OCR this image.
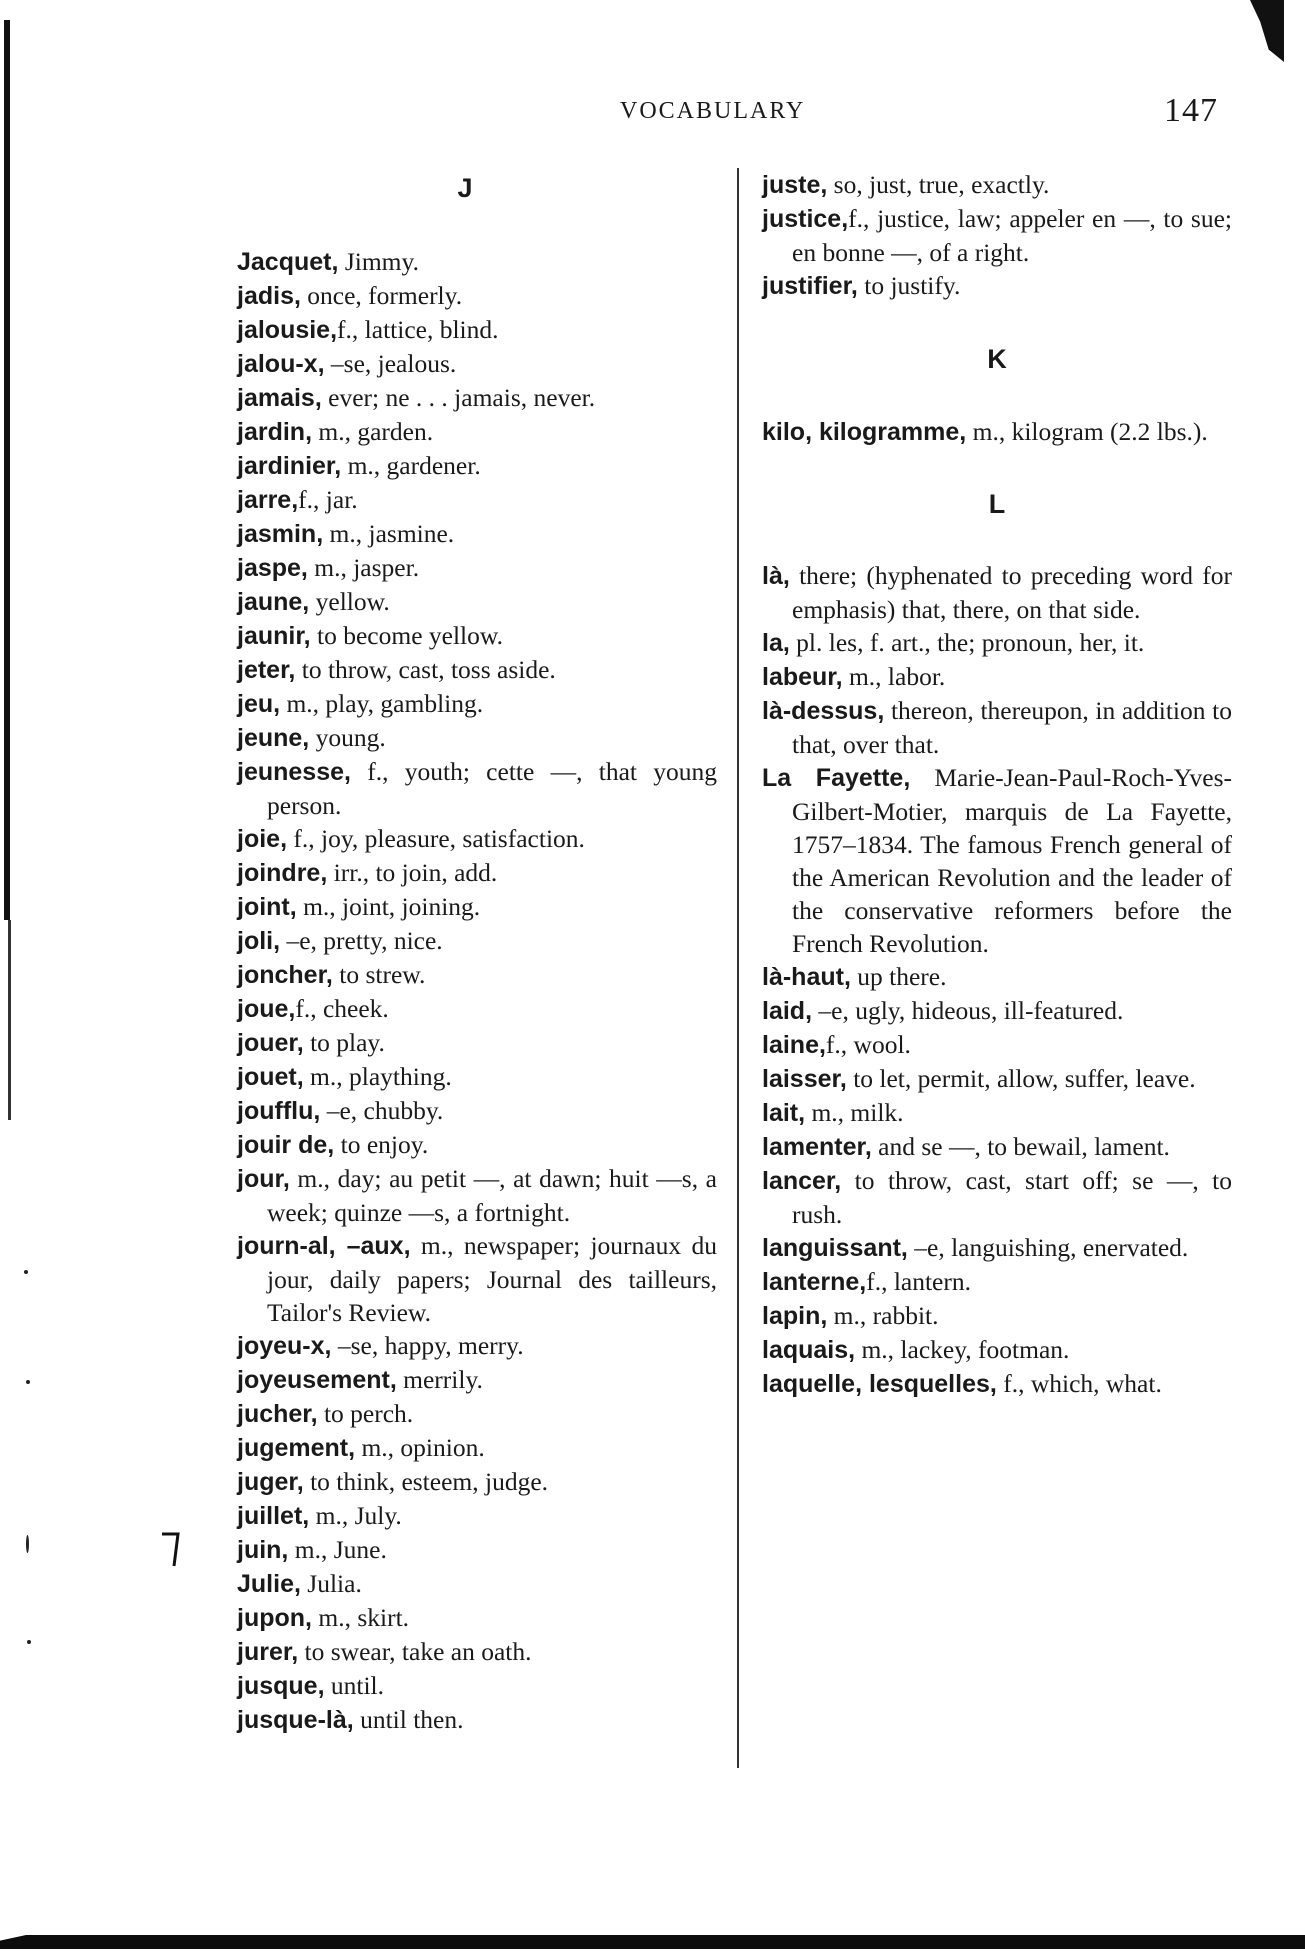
VOCABULARY	147
J
Jacquet, Jimmy.
jadis, once, formerly.
jalousie,f., lattice, blind.
jalou-x, –se, jealous.
jamais, ever; ne . . . jamais, never.
jardin, m., garden.
jardinier, m., gardener.
jarre,f., jar.
jasmin, m., jasmine.
jaspe, m., jasper.
jaune, yellow.
jaunir, to become yellow.
jeter, to throw, cast, toss aside.
jeu, m., play, gambling.
jeune, young.
jeunesse, f., youth; cette —, that young person.
joie, f., joy, pleasure, satisfaction.
joindre, irr., to join, add.
joint, m., joint, joining.
joli, –e, pretty, nice.
joncher, to strew.
joue,f., cheek.
jouer, to play.
jouet, m., plaything.
joufflu, –e, chubby.
jouir de, to enjoy.
jour, m., day; au petit —, at dawn; huit —s, a week; quinze —s, a fortnight.
journ-al, –aux, m., newspaper; journaux du jour, daily papers; Journal des tailleurs, Tailor's Review.
joyeu-x, –se, happy, merry.
joyeusement, merrily.
jucher, to perch.
jugement, m., opinion.
juger, to think, esteem, judge.
juillet, m., July.
juin, m., June.
Julie, Julia.
jupon, m., skirt.
jurer, to swear, take an oath.
jusque, until.
jusque-là, until then.
juste, so, just, true, exactly.
justice,f., justice, law; appeler en —, to sue; en bonne —, of a right.
justifier, to justify.
K
kilo, kilogramme, m., kilogram (2.2 lbs.).
L
là, there; (hyphenated to preceding word for emphasis) that, there, on that side.
la, pl. les, f. art., the; pronoun, her, it.
labeur, m., labor.
là-dessus, thereon, thereupon, in addition to that, over that.
La Fayette, Marie-Jean-Paul-Roch-Yves-Gilbert-Motier, marquis de La Fayette, 1757–1834. The famous French general of the American Revolution and the leader of the conservative reformers before the French Revolution.
là-haut, up there.
laid, –e, ugly, hideous, ill-featured.
laine,f., wool.
laisser, to let, permit, allow, suffer, leave.
lait, m., milk.
lamenter, and se —, to bewail, lament.
lancer, to throw, cast, start off; se —, to rush.
languissant, –e, languishing, enervated.
lanterne,f., lantern.
lapin, m., rabbit.
laquais, m., lackey, footman.
laquelle, lesquelles, f., which, what.
